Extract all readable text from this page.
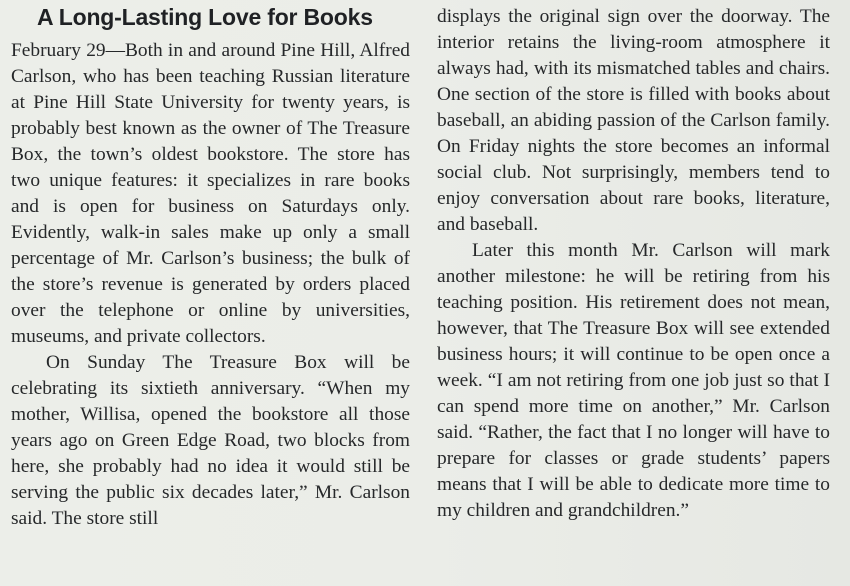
A Long-Lasting Love for Books

February 29—Both in and around Pine Hill, Alfred Carlson, who has been teaching Russian literature at Pine Hill State University for twenty years, is probably best known as the owner of The Treasure Box, the town’s oldest bookstore. The store has two unique features: it specializes in rare books and is open for business on Saturdays only. Evidently, walk-in sales make up only a small percentage of Mr. Carlson’s business; the bulk of the store’s revenue is generated by orders placed over the telephone or online by universities, museums, and private collectors.

On Sunday The Treasure Box will be celebrating its sixtieth anniversary. “When my mother, Willisa, opened the bookstore all those years ago on Green Edge Road, two blocks from here, she probably had no idea it would still be serving the public six decades later,” Mr. Carlson said. The store still

displays the original sign over the doorway. The interior retains the living-room atmosphere it always had, with its mismatched tables and chairs. One section of the store is filled with books about baseball, an abiding passion of the Carlson family. On Friday nights the store becomes an informal social club. Not surprisingly, members tend to enjoy conversation about rare books, literature, and baseball.

Later this month Mr. Carlson will mark another milestone: he will be retiring from his teaching position. His retirement does not mean, however, that The Treasure Box will see extended business hours; it will continue to be open once a week. “I am not retiring from one job just so that I can spend more time on another,” Mr. Carlson said. “Rather, the fact that I no longer will have to prepare for classes or grade students’ papers means that I will be able to dedicate more time to my children and grandchildren.”
